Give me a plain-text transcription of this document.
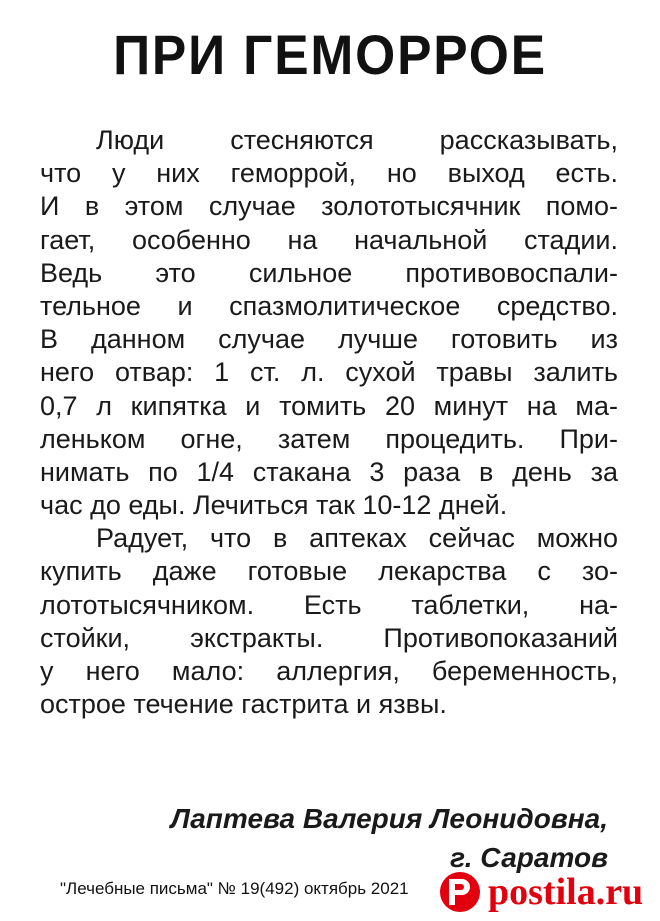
ПРИ ГЕМОРРОЕ
Люди стесняются рассказывать,
что у них геморрой, но выход есть.
И в этом случае золототысячник помо-
гает, особенно на начальной стадии.
Ведь это сильное противовоспали-
тельное и спазмолитическое средство.
В данном случае лучше готовить из
него отвар: 1 ст. л. сухой травы залить
0,7 л кипятка и томить 20 минут на ма-
леньком огне, затем процедить. При-
нимать по 1/4 стакана 3 раза в день за
час до еды. Лечиться так 10-12 дней.
Радует, что в аптеках сейчас можно
купить даже готовые лекарства с зо-
лототысячником. Есть таблетки, на-
стойки, экстракты. Противопоказаний
у него мало: аллергия, беременность,
острое течение гастрита и язвы.
Лаптева Валерия Леонидовна,
г. Саратов
"Лечебные письма" № 19(492) октябрь 2021 postila.ru
